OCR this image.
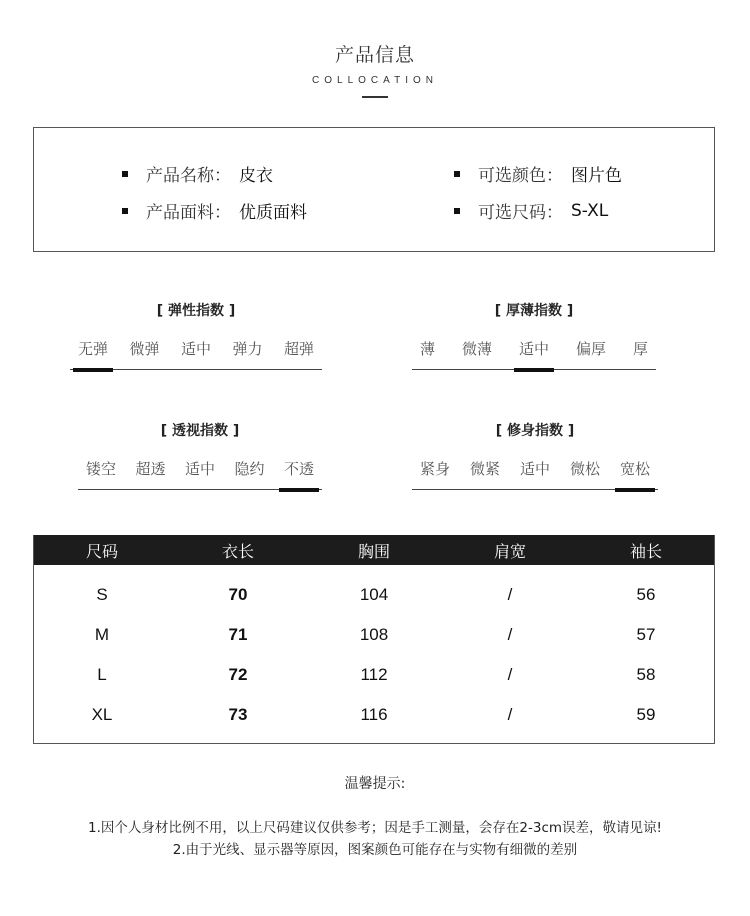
产品信息
COLLOCATION
产品名称： 皮衣	可选颜色： 图片色
产品面料： 优质面料	可选尺码： S-XL
[ 弹性指数 ]
无弹 微弹 适中 弹力 超弹
[ 厚薄指数 ]
薄 微薄 适中 偏厚 厚
[ 透视指数 ]
镂空 超透 适中 隐约 不透
[ 修身指数 ]
紧身 微紧 适中 微松 宽松
尺码	衣长	胸围	肩宽	袖长
S	70	104	/	56
M	71	108	/	57
L	72	112	/	58
XL	73	116	/	59
温馨提示:
1.因个人身材比例不用，以上尺码建议仅供参考；因是手工测量，会存在2-3cm误差，敬请见谅!
2.由于光线、显示器等原因，图案颜色可能存在与实物有细微的差别
